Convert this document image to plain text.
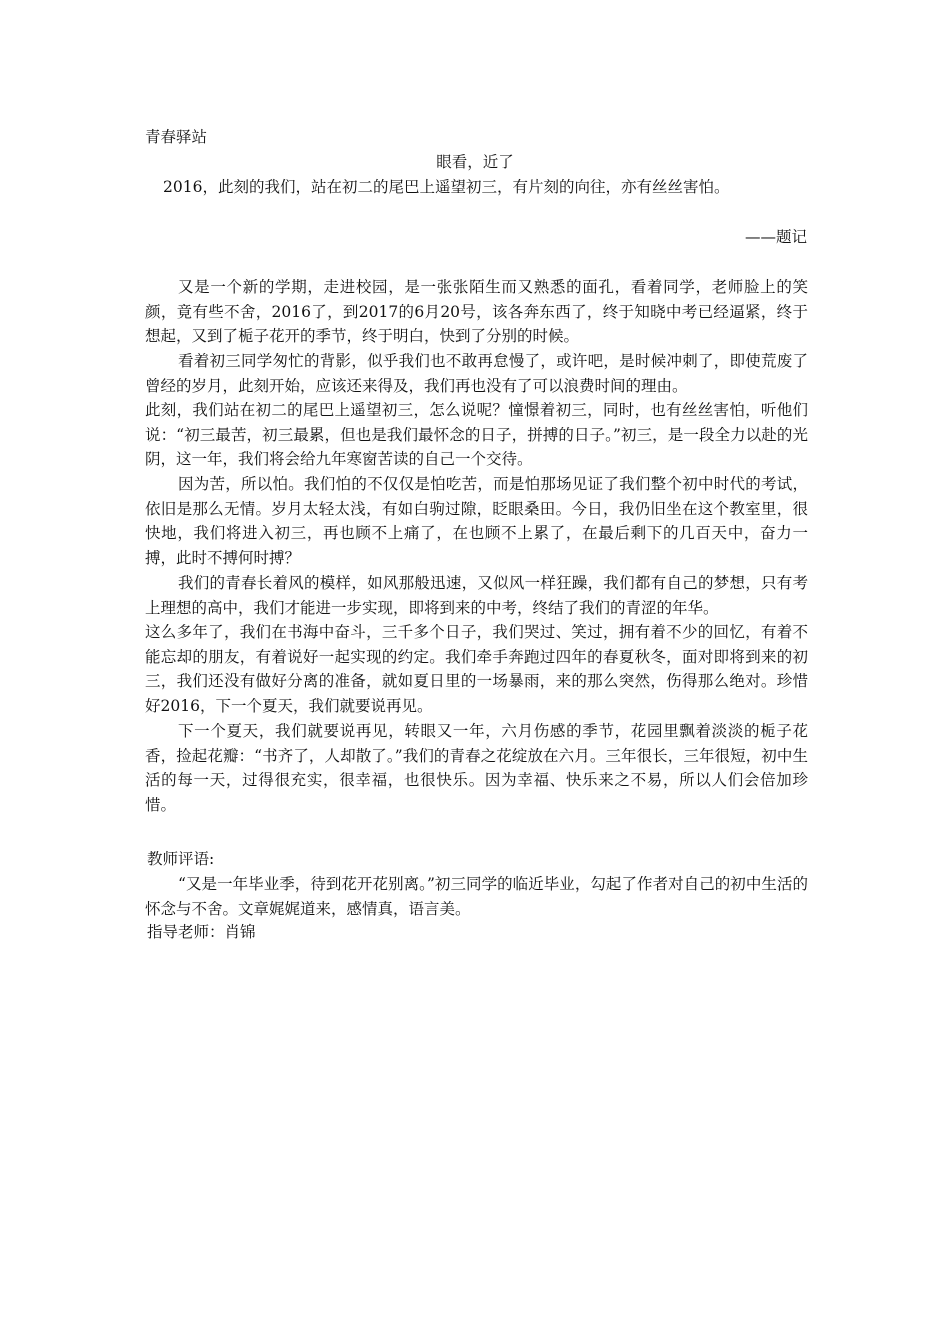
青春驿站
眼看，近了
2016，此刻的我们，站在初二的尾巴上遥望初三，有片刻的向往，亦有丝丝害怕。
——题记

又是一个新的学期，走进校园，是一张张陌生而又熟悉的面孔，看着同学，老师脸上的笑颜，竟有些不舍，2016了，到2017的6月20号，该各奔东西了，终于知晓中考已经逼紧，终于想起，又到了栀子花开的季节，终于明白，快到了分别的时候。

看着初三同学匆忙的背影，似乎我们也不敢再怠慢了，或许吧，是时候冲刺了，即使荒废了曾经的岁月，此刻开始，应该还来得及，我们再也没有了可以浪费时间的理由。

此刻，我们站在初二的尾巴上遥望初三，怎么说呢？憧憬着初三，同时，也有丝丝害怕，听他们说：“初三最苦，初三最累，但也是我们最怀念的日子，拼搏的日子。”初三，是一段全力以赴的光阴，这一年，我们将会给九年寒窗苦读的自己一个交待。

因为苦，所以怕。我们怕的不仅仅是怕吃苦，而是怕那场见证了我们整个初中时代的考试，依旧是那么无情。岁月太轻太浅，有如白驹过隙，眨眼桑田。今日，我仍旧坐在这个教室里，很快地，我们将进入初三，再也顾不上痛了，在也顾不上累了，在最后剩下的几百天中，奋力一搏，此时不搏何时搏？

我们的青春长着风的模样，如风那般迅速，又似风一样狂躁，我们都有自己的梦想，只有考上理想的高中，我们才能进一步实现，即将到来的中考，终结了我们的青涩的年华。

这么多年了，我们在书海中奋斗，三千多个日子，我们哭过、笑过，拥有着不少的回忆，有着不能忘却的朋友，有着说好一起实现的约定。我们牵手奔跑过四年的春夏秋冬，面对即将到来的初三，我们还没有做好分离的准备，就如夏日里的一场暴雨，来的那么突然，伤得那么绝对。珍惜好2016，下一个夏天，我们就要说再见。

下一个夏天，我们就要说再见，转眼又一年，六月伤感的季节，花园里飘着淡淡的栀子花香，捡起花瓣：“书齐了，人却散了。”我们的青春之花绽放在六月。三年很长，三年很短，初中生活的每一天，过得很充实，很幸福，也很快乐。因为幸福、快乐来之不易，所以人们会倍加珍惜。

教师评语:

“又是一年毕业季，待到花开花别离。”初三同学的临近毕业，勾起了作者对自己的初中生活的怀念与不舍。文章娓娓道来，感情真，语言美。

指导老师：肖锦
